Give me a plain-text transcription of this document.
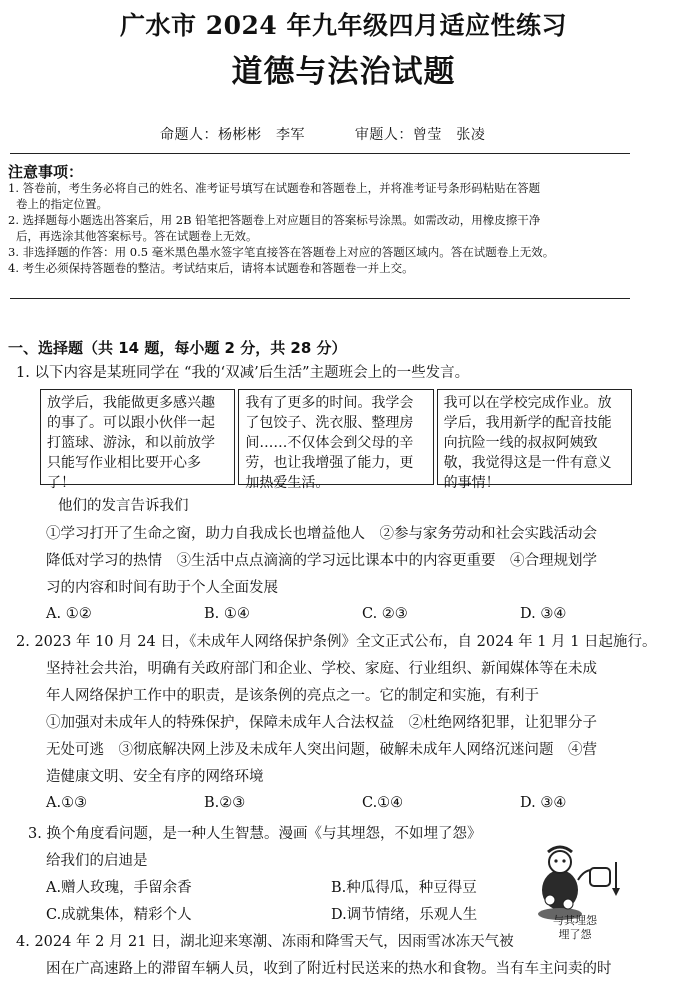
广水市 2024 年九年级四月适应性练习
道德与法治试题
命题人：杨彬彬　李军	审题人：曾莹　张凌
注意事项：

1. 答卷前，考生务必将自己的姓名、准考证号填写在试题卷和答题卷上，并将准考证号条形码粘贴在答题

卷上的指定位置。

2. 选择题每小题选出答案后，用 2B 铅笔把答题卷上对应题目的答案标号涂黑。如需改动，用橡皮擦干净

后，再选涂其他答案标号。答在试题卷上无效。

3. 非选择题的作答：用 0.5 毫米黑色墨水签字笔直接答在答题卷上对应的答题区域内。答在试题卷上无效。

4. 考生必须保持答题卷的整洁。考试结束后，请将本试题卷和答题卷一并上交。

一、选择题（共 14 题，每小题 2 分，共 28 分）
1. 以下内容是某班同学在 “我的‘双减’后生活”主题班会上的一些发言。
放学后，我能做更多感兴趣的事了。可以跟小伙伴一起打篮球、游泳，和以前放学只能写作业相比要开心多了！
我有了更多的时间。我学会了包饺子、洗衣服、整理房间……不仅体会到父母的辛劳，也让我增强了能力，更加热爱生活。
我可以在学校完成作业。放学后，我用新学的配音技能向抗险一线的叔叔阿姨致敬，我觉得这是一件有意义的事情！
他们的发言告诉我们
①学习打开了生命之窗，助力自我成长也增益他人　②参与家务劳动和社会实践活动会
降低对学习的热情　③生活中点点滴滴的学习远比课本中的内容更重要　④合理规划学
习的内容和时间有助于个人全面发展
A. ①②	B. ①④	C. ②③	D. ③④
2. 2023 年 10 月 24 日，《未成年人网络保护条例》全文正式公布，自 2024 年 1 月 1 日起施行。
坚持社会共治，明确有关政府部门和企业、学校、家庭、行业组织、新闻媒体等在未成
年人网络保护工作中的职责，是该条例的亮点之一。它的制定和实施，有利于
①加强对未成年人的特殊保护，保障未成年人合法权益　②杜绝网络犯罪，让犯罪分子
无处可逃　③彻底解决网上涉及未成年人突出问题，破解未成年人网络沉迷问题　④营
造健康文明、安全有序的网络环境
A.①③	B.②③	C.①④	D. ③④
3. 换个角度看问题，是一种人生智慧。漫画《与其埋怨，不如埋了怨》
给我们的启迪是
A.赠人玫瑰，手留余香	B.种瓜得瓜，种豆得豆
C.成就集体，精彩个人	D.调节情绪，乐观人生	与其埋怨
埋了怨
4. 2024 年 2 月 21 日，湖北迎来寒潮、冻雨和降雪天气，因雨雪冰冻天气被
困在广高速路上的滞留车辆人员，收到了附近村民送来的热水和食物。当有车主问卖的时
